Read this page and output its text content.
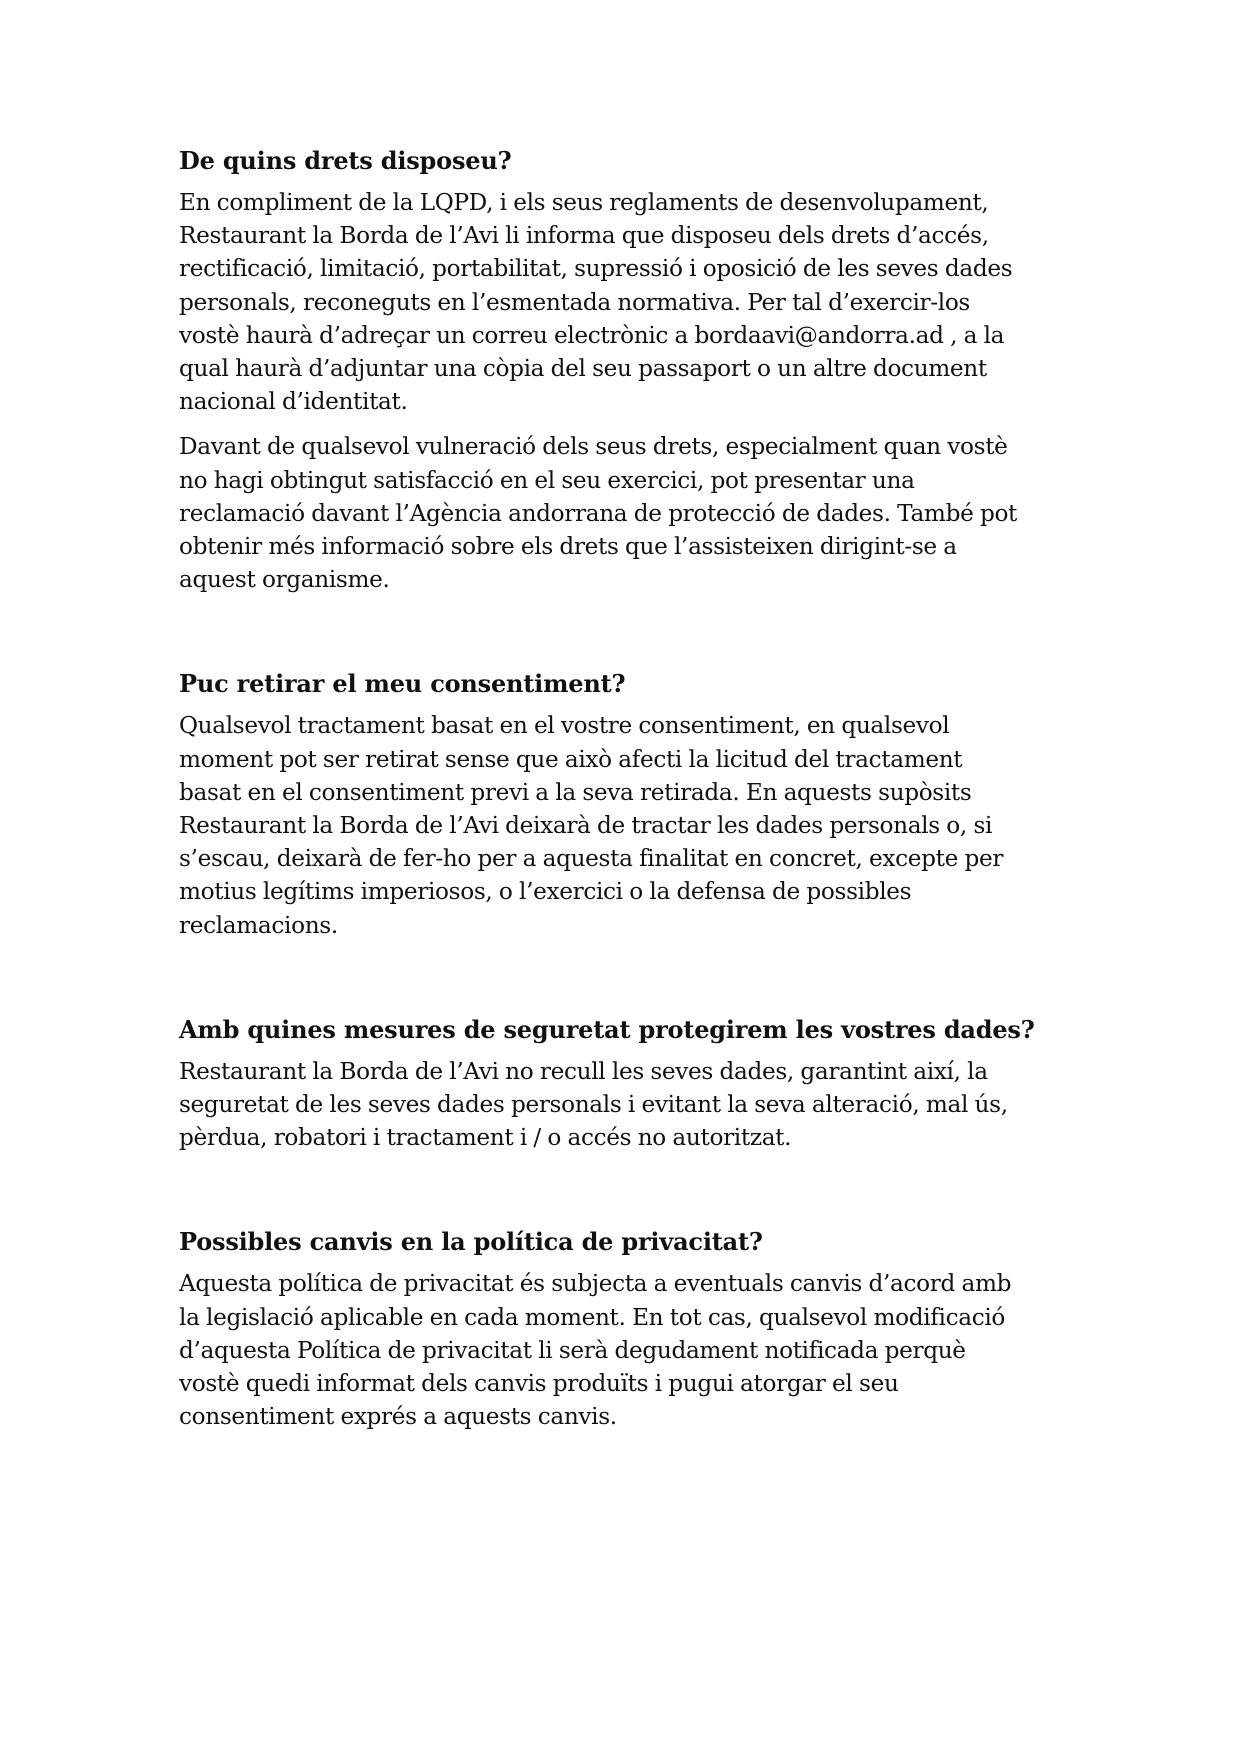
De quins drets disposeu?

En compliment de la LQPD, i els seus reglaments de desenvolupament,
Restaurant la Borda de l’Avi li informa que disposeu dels drets d’accés,
rectificació, limitació, portabilitat, supressió i oposició de les seves dades
personals, reconeguts en l’esmentada normativa. Per tal d’exercir-los
vostè haurà d’adreçar un correu electrònic a bordaavi@andorra.ad , a la
qual haurà d’adjuntar una còpia del seu passaport o un altre document
nacional d’identitat.

Davant de qualsevol vulneració dels seus drets, especialment quan vostè
no hagi obtingut satisfacció en el seu exercici, pot presentar una
reclamació davant l’Agència andorrana de protecció de dades. També pot
obtenir més informació sobre els drets que l’assisteixen dirigint-se a
aquest organisme.

Puc retirar el meu consentiment?

Qualsevol tractament basat en el vostre consentiment, en qualsevol
moment pot ser retirat sense que això afecti la licitud del tractament
basat en el consentiment previ a la seva retirada. En aquests supòsits
Restaurant la Borda de l’Avi deixarà de tractar les dades personals o, si
s’escau, deixarà de fer-ho per a aquesta finalitat en concret, excepte per
motius legítims imperiosos, o l’exercici o la defensa de possibles
reclamacions.

Amb quines mesures de seguretat protegirem les vostres dades?

Restaurant la Borda de l’Avi no recull les seves dades, garantint així, la
seguretat de les seves dades personals i evitant la seva alteració, mal ús,
pèrdua, robatori i tractament i / o accés no autoritzat.

Possibles canvis en la política de privacitat?

Aquesta política de privacitat és subjecta a eventuals canvis d’acord amb
la legislació aplicable en cada moment. En tot cas, qualsevol modificació
d’aquesta Política de privacitat li serà degudament notificada perquè
vostè quedi informat dels canvis produïts i pugui atorgar el seu
consentiment exprés a aquests canvis.
